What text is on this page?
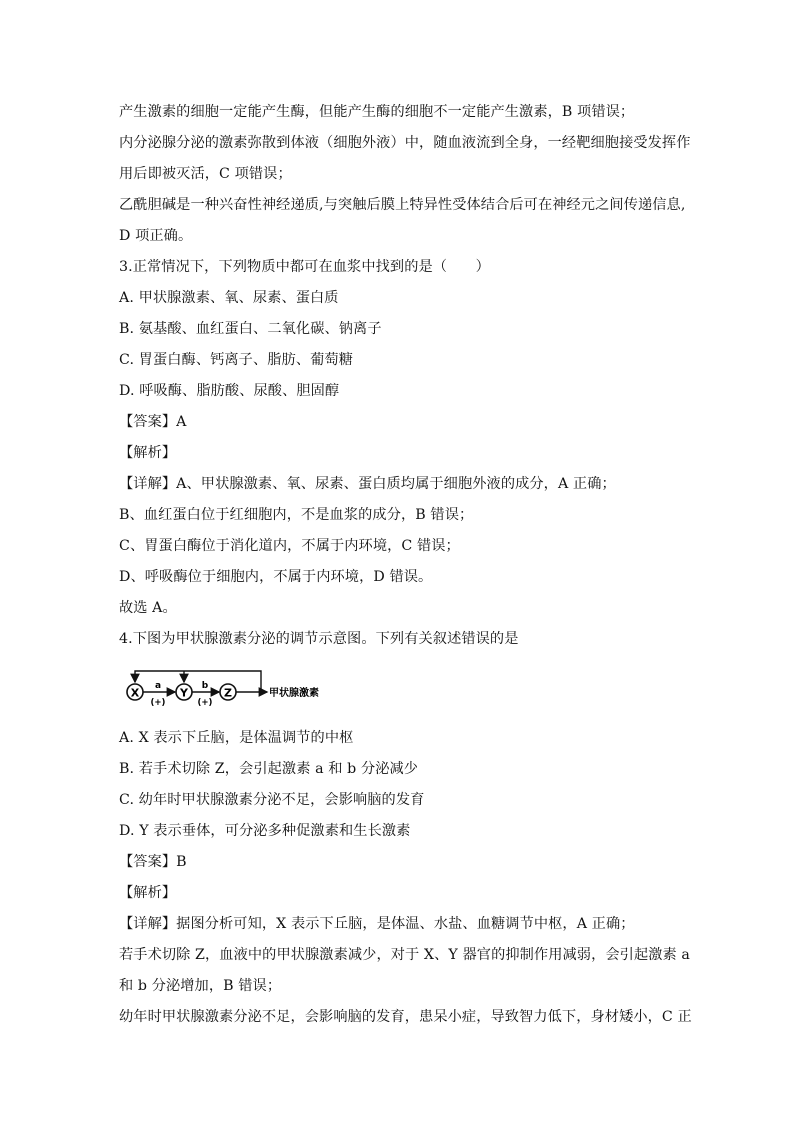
产生激素的细胞一定能产生酶，但能产生酶的细胞不一定能产生激素，B 项错误；
内分泌腺分泌的激素弥散到体液（细胞外液）中，随血液流到全身，一经靶细胞接受发挥作
用后即被灭活，C 项错误；
乙酰胆碱是一种兴奋性神经递质,与突触后膜上特异性受体结合后可在神经元之间传递信息,
D 项正确。
3.正常情况下，下列物质中都可在血浆中找到的是（　　）
A. 甲状腺激素、氧、尿素、蛋白质
B. 氨基酸、血红蛋白、二氧化碳、钠离子
C. 胃蛋白酶、钙离子、脂肪、葡萄糖
D. 呼吸酶、脂肪酸、尿酸、胆固醇
【答案】A
【解析】
【详解】A、甲状腺激素、氧、尿素、蛋白质均属于细胞外液的成分，A 正确；
B、血红蛋白位于红细胞内，不是血浆的成分，B 错误；
C、胃蛋白酶位于消化道内，不属于内环境，C 错误；
D、呼吸酶位于细胞内，不属于内环境，D 错误。
故选 A。
4.下图为甲状腺激素分泌的调节示意图。下列有关叙述错误的是
X	Y	Z
a	b
(+)	(+)
甲状腺激素
A. X 表示下丘脑，是体温调节的中枢
B. 若手术切除 Z，会引起激素 a 和 b 分泌减少
C. 幼年时甲状腺激素分泌不足，会影响脑的发育
D. Y 表示垂体，可分泌多种促激素和生长激素
【答案】B
【解析】
【详解】据图分析可知，X 表示下丘脑，是体温、水盐、血糖调节中枢，A 正确；
若手术切除 Z，血液中的甲状腺激素减少，对于 X、Y 器官的抑制作用减弱，会引起激素 a
和 b 分泌增加，B 错误；
幼年时甲状腺激素分泌不足，会影响脑的发育，患呆小症，导致智力低下，身材矮小，C 正
